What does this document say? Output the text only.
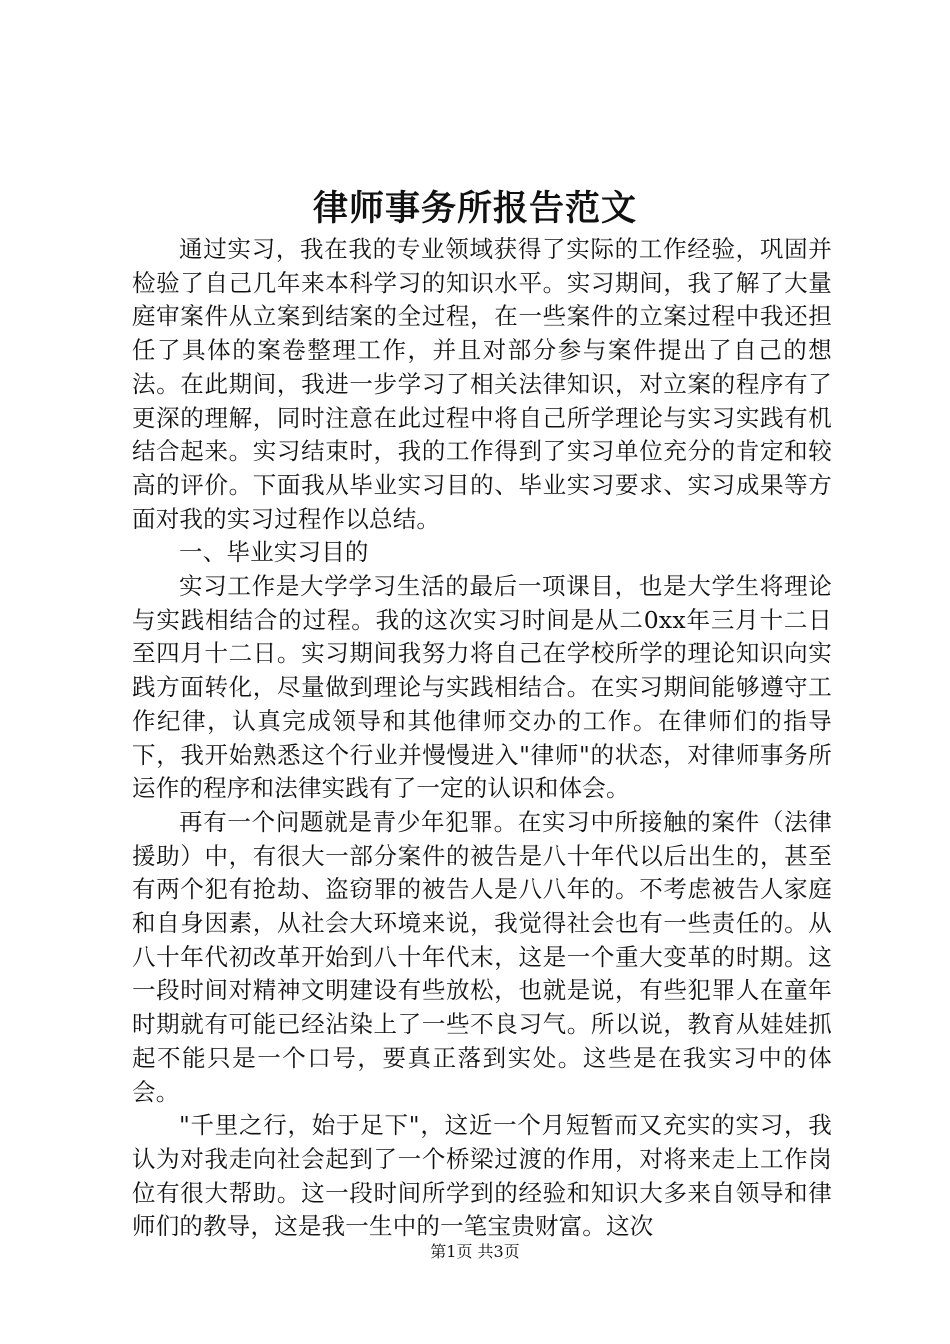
律师事务所报告范文

通过实习，我在我的专业领域获得了实际的工作经验，巩固并检验了自己几年来本科学习的知识水平。实习期间，我了解了大量庭审案件从立案到结案的全过程，在一些案件的立案过程中我还担任了具体的案卷整理工作，并且对部分参与案件提出了自己的想法。在此期间，我进一步学习了相关法律知识，对立案的程序有了更深的理解，同时注意在此过程中将自己所学理论与实习实践有机结合起来。实习结束时，我的工作得到了实习单位充分的肯定和较高的评价。下面我从毕业实习目的、毕业实习要求、实习成果等方面对我的实习过程作以总结。

一、毕业实习目的

实习工作是大学学习生活的最后一项课目，也是大学生将理论与实践相结合的过程。我的这次实习时间是从二0xx年三月十二日至四月十二日。实习期间我努力将自己在学校所学的理论知识向实践方面转化，尽量做到理论与实践相结合。在实习期间能够遵守工作纪律，认真完成领导和其他律师交办的工作。在律师们的指导下，我开始熟悉这个行业并慢慢进入"律师"的状态，对律师事务所运作的程序和法律实践有了一定的认识和体会。

再有一个问题就是青少年犯罪。在实习中所接触的案件（法律援助）中，有很大一部分案件的被告是八十年代以后出生的，甚至有两个犯有抢劫、盗窃罪的被告人是八八年的。不考虑被告人家庭和自身因素，从社会大环境来说，我觉得社会也有一些责任的。从八十年代初改革开始到八十年代末，这是一个重大变革的时期。这一段时间对精神文明建设有些放松，也就是说，有些犯罪人在童年时期就有可能已经沾染上了一些不良习气。所以说，教育从娃娃抓起不能只是一个口号，要真正落到实处。这些是在我实习中的体会。

"千里之行，始于足下"，这近一个月短暂而又充实的实习，我认为对我走向社会起到了一个桥梁过渡的作用，对将来走上工作岗位有很大帮助。这一段时间所学到的经验和知识大多来自领导和律师们的教导，这是我一生中的一笔宝贵财富。这次

第1页 共3页
